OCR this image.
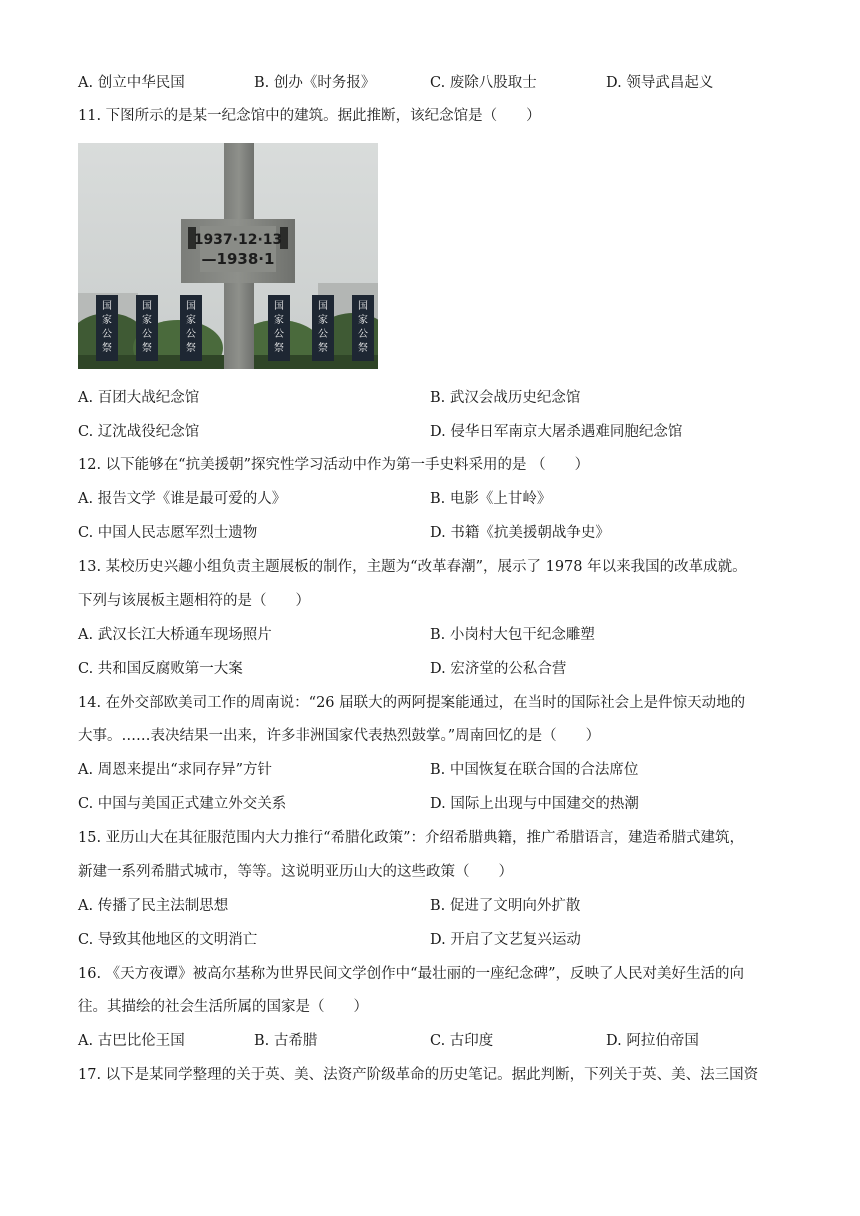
A. 创立中华民国	B. 创办《时务报》	C. 废除八股取士	D. 领导武昌起义
11. 下图所示的是某一纪念馆中的建筑。据此推断，该纪念馆是（　　）
1937·12·13
—1938·1
国
家
公
祭
国
家
公
祭
国
家
公
祭
国
家
公
祭
国
家
公
祭
国
家
公
祭
A. 百团大战纪念馆	B. 武汉会战历史纪念馆
C. 辽沈战役纪念馆	D. 侵华日军南京大屠杀遇难同胞纪念馆
12. 以下能够在“抗美援朝”探究性学习活动中作为第一手史料采用的是 （　　）
A. 报告文学《谁是最可爱的人》	B. 电影《上甘岭》
C. 中国人民志愿军烈士遗物	D. 书籍《抗美援朝战争史》
13. 某校历史兴趣小组负责主题展板的制作，主题为“改革春潮”，展示了 1978 年以来我国的改革成就。
下列与该展板主题相符的是（　　）
A. 武汉长江大桥通车现场照片	B. 小岗村大包干纪念雕塑
C. 共和国反腐败第一大案	D. 宏济堂的公私合营
14. 在外交部欧美司工作的周南说：“26 届联大的两阿提案能通过，在当时的国际社会上是件惊天动地的
大事。……表决结果一出来，许多非洲国家代表热烈鼓掌。”周南回忆的是（　　）
A. 周恩来提出“求同存异”方针	B. 中国恢复在联合国的合法席位
C. 中国与美国正式建立外交关系	D. 国际上出现与中国建交的热潮
15. 亚历山大在其征服范围内大力推行“希腊化政策”：介绍希腊典籍，推广希腊语言，建造希腊式建筑，
新建一系列希腊式城市，等等。这说明亚历山大的这些政策（　　）
A. 传播了民主法制思想	B. 促进了文明向外扩散
C. 导致其他地区的文明消亡	D. 开启了文艺复兴运动
16. 《天方夜谭》被高尔基称为世界民间文学创作中“最壮丽的一座纪念碑”，反映了人民对美好生活的向
往。其描绘的社会生活所属的国家是（　　）
A. 古巴比伦王国	B. 古希腊	C. 古印度	D. 阿拉伯帝国
17. 以下是某同学整理的关于英、美、法资产阶级革命的历史笔记。据此判断，下列关于英、美、法三国资
